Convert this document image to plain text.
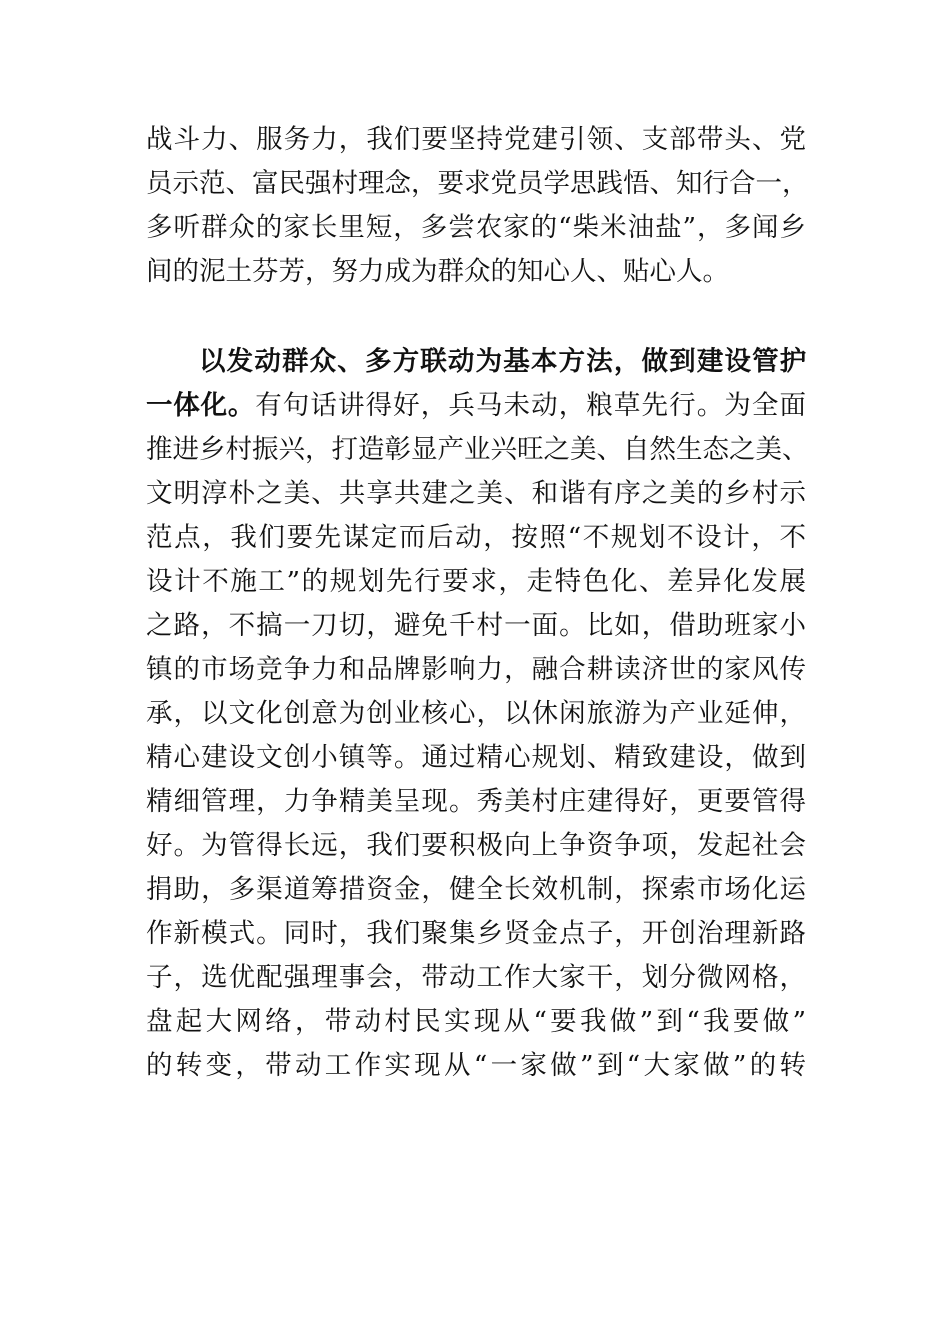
战斗力、服务力，我们要坚持党建引领、支部带头、党
员示范、富民强村理念，要求党员学思践悟、知行合一，
多听群众的家长里短，多尝农家的“柴米油盐”，多闻乡
间的泥土芬芳，努力成为群众的知心人、贴心人。
以发动群众、多方联动为基本方法，做到建设管护
一体化。有句话讲得好，兵马未动，粮草先行。为全面
推进乡村振兴，打造彰显产业兴旺之美、自然生态之美、
文明淳朴之美、共享共建之美、和谐有序之美的乡村示
范点，我们要先谋定而后动，按照“不规划不设计，不
设计不施工”的规划先行要求，走特色化、差异化发展
之路，不搞一刀切，避免千村一面。比如，借助班家小
镇的市场竞争力和品牌影响力，融合耕读济世的家风传
承，以文化创意为创业核心，以休闲旅游为产业延伸，
精心建设文创小镇等。通过精心规划、精致建设，做到
精细管理，力争精美呈现。秀美村庄建得好，更要管得
好。为管得长远，我们要积极向上争资争项，发起社会
捐助，多渠道筹措资金，健全长效机制，探索市场化运
作新模式。同时，我们聚集乡贤金点子，开创治理新路
子，选优配强理事会，带动工作大家干，划分微网格，
盘起大网络，带动村民实现从“要我做”到“我要做”
的转变，带动工作实现从“一家做”到“大家做”的转
